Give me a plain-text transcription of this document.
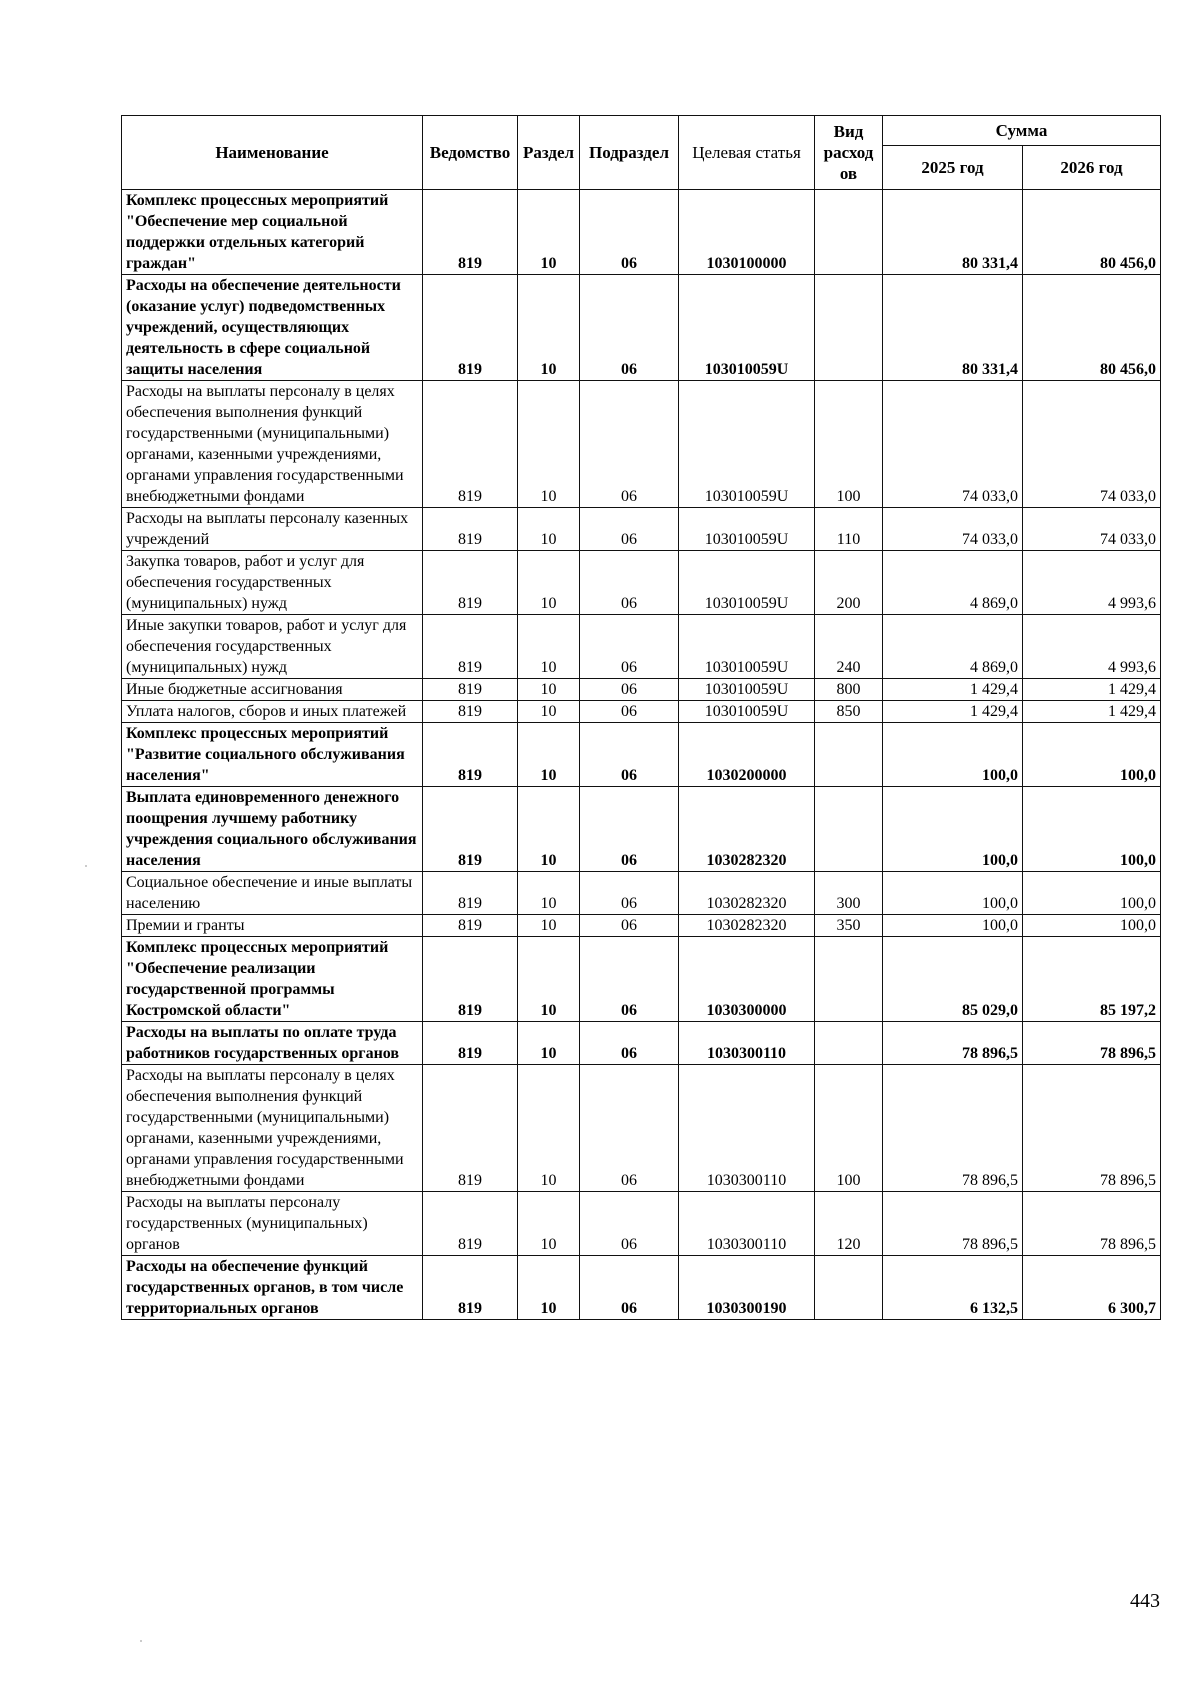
Наименование	Ведомство	Раздел	Подраздел	Целевая статья	Вид расход ов	Сумма	
						2025 год	2026 год
Комплекс процессных мероприятий "Обеспечение мер социальной поддержки отдельных категорий граждан"	819	10	06	1030100000		80 331,4	80 456,0
Расходы на обеспечение деятельности (оказание услуг) подведомственных учреждений, осуществляющих деятельность в сфере социальной защиты населения	819	10	06	103010059U		80 331,4	80 456,0
Расходы на выплаты персоналу в целях обеспечения выполнения функций государственными (муниципальными) органами, казенными учреждениями, органами управления государственными внебюджетными фондами	819	10	06	103010059U	100	74 033,0	74 033,0
Расходы на выплаты персоналу казенных учреждений	819	10	06	103010059U	110	74 033,0	74 033,0
Закупка товаров, работ и услуг для обеспечения государственных (муниципальных) нужд	819	10	06	103010059U	200	4 869,0	4 993,6
Иные закупки товаров, работ и услуг для обеспечения государственных (муниципальных) нужд	819	10	06	103010059U	240	4 869,0	4 993,6
Иные бюджетные ассигнования	819	10	06	103010059U	800	1 429,4	1 429,4
Уплата налогов, сборов и иных платежей	819	10	06	103010059U	850	1 429,4	1 429,4
Комплекс процессных мероприятий "Развитие социального обслуживания населения"	819	10	06	1030200000		100,0	100,0
Выплата единовременного денежного поощрения лучшему работнику учреждения социального обслуживания населения	819	10	06	1030282320		100,0	100,0
Социальное обеспечение и иные выплаты населению	819	10	06	1030282320	300	100,0	100,0
Премии и гранты	819	10	06	1030282320	350	100,0	100,0
Комплекс процессных мероприятий "Обеспечение реализации государственной программы Костромской области"	819	10	06	1030300000		85 029,0	85 197,2
Расходы на выплаты по оплате труда работников государственных органов	819	10	06	1030300110		78 896,5	78 896,5
Расходы на выплаты персоналу в целях обеспечения выполнения функций государственными (муниципальными) органами, казенными учреждениями, органами управления государственными внебюджетными фондами	819	10	06	1030300110	100	78 896,5	78 896,5
Расходы на выплаты персоналу государственных (муниципальных) органов	819	10	06	1030300110	120	78 896,5	78 896,5
Расходы на обеспечение функций государственных органов, в том числе территориальных органов	819	10	06	1030300190		6 132,5	6 300,7
443
